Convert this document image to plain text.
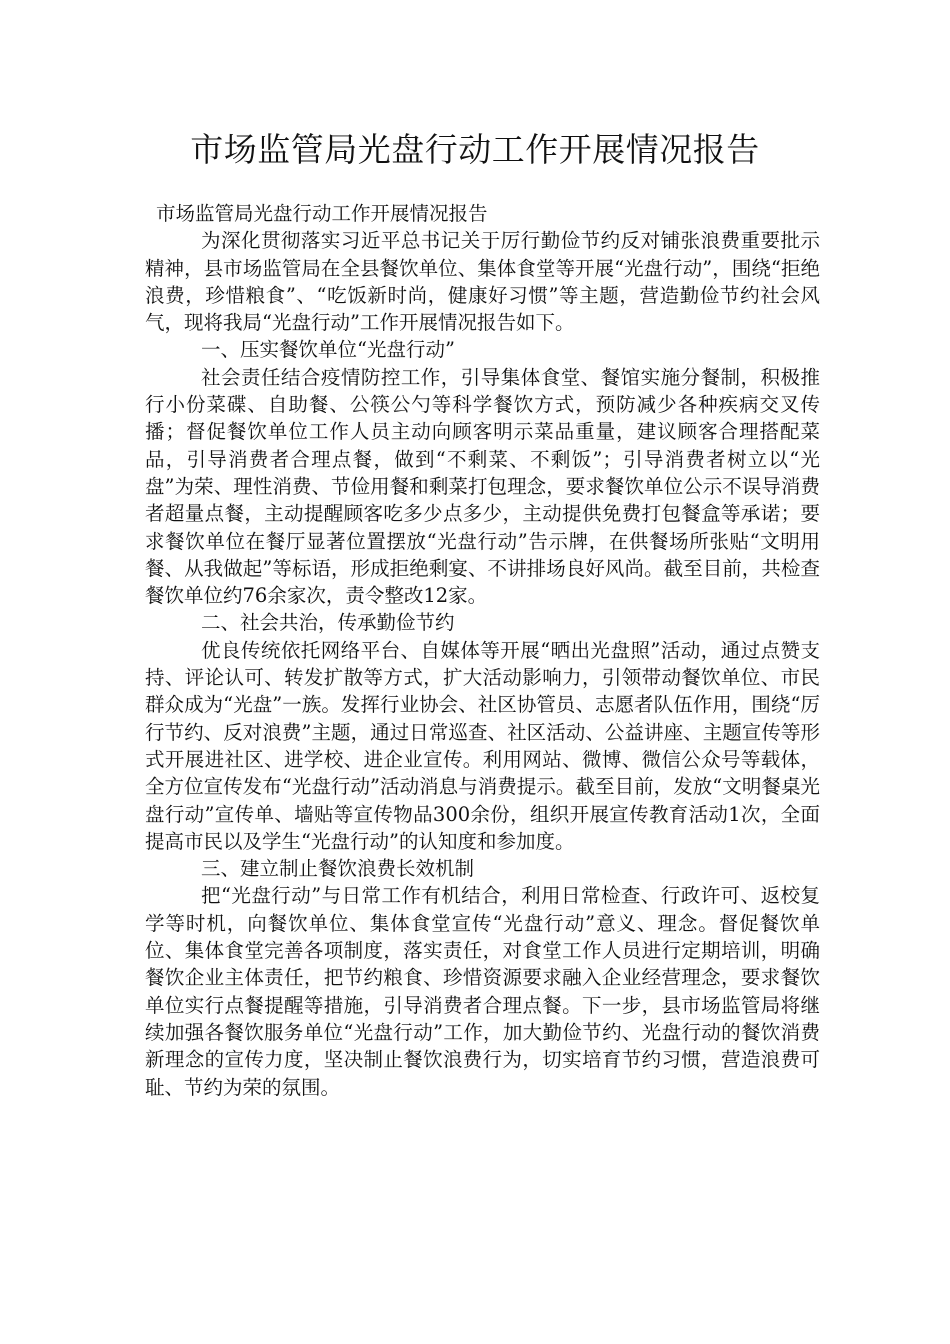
市场监管局光盘行动工作开展情况报告

市场监管局光盘行动工作开展情况报告

为深化贯彻落实习近平总书记关于厉行勤俭节约反对铺张浪费重要批示精神，县市场监管局在全县餐饮单位、集体食堂等开展“光盘行动”，围绕“拒绝浪费，珍惜粮食”、“吃饭新时尚，健康好习惯”等主题，营造勤俭节约社会风气，现将我局“光盘行动”工作开展情况报告如下。

一、压实餐饮单位“光盘行动”

社会责任结合疫情防控工作，引导集体食堂、餐馆实施分餐制，积极推行小份菜碟、自助餐、公筷公勺等科学餐饮方式，预防减少各种疾病交叉传播；督促餐饮单位工作人员主动向顾客明示菜品重量，建议顾客合理搭配菜品，引导消费者合理点餐，做到“不剩菜、不剩饭”；引导消费者树立以“光盘”为荣、理性消费、节俭用餐和剩菜打包理念，要求餐饮单位公示不误导消费者超量点餐，主动提醒顾客吃多少点多少，主动提供免费打包餐盒等承诺；要求餐饮单位在餐厅显著位置摆放“光盘行动”告示牌，在供餐场所张贴“文明用餐、从我做起”等标语，形成拒绝剩宴、不讲排场良好风尚。截至目前，共检查餐饮单位约76余家次，责令整改12家。

二、社会共治，传承勤俭节约

优良传统依托网络平台、自媒体等开展“晒出光盘照”活动，通过点赞支持、评论认可、转发扩散等方式，扩大活动影响力，引领带动餐饮单位、市民群众成为“光盘”一族。发挥行业协会、社区协管员、志愿者队伍作用，围绕“厉行节约、反对浪费”主题，通过日常巡查、社区活动、公益讲座、主题宣传等形式开展进社区、进学校、进企业宣传。利用网站、微博、微信公众号等载体，全方位宣传发布“光盘行动”活动消息与消费提示。截至目前，发放“文明餐桌光盘行动”宣传单、墙贴等宣传物品300余份，组织开展宣传教育活动1次，全面提高市民以及学生“光盘行动”的认知度和参加度。

三、建立制止餐饮浪费长效机制

把“光盘行动”与日常工作有机结合，利用日常检查、行政许可、返校复学等时机，向餐饮单位、集体食堂宣传“光盘行动”意义、理念。督促餐饮单位、集体食堂完善各项制度，落实责任，对食堂工作人员进行定期培训，明确餐饮企业主体责任，把节约粮食、珍惜资源要求融入企业经营理念，要求餐饮单位实行点餐提醒等措施，引导消费者合理点餐。下一步，县市场监管局将继续加强各餐饮服务单位“光盘行动”工作，加大勤俭节约、光盘行动的餐饮消费新理念的宣传力度，坚决制止餐饮浪费行为，切实培育节约习惯，营造浪费可耻、节约为荣的氛围。
